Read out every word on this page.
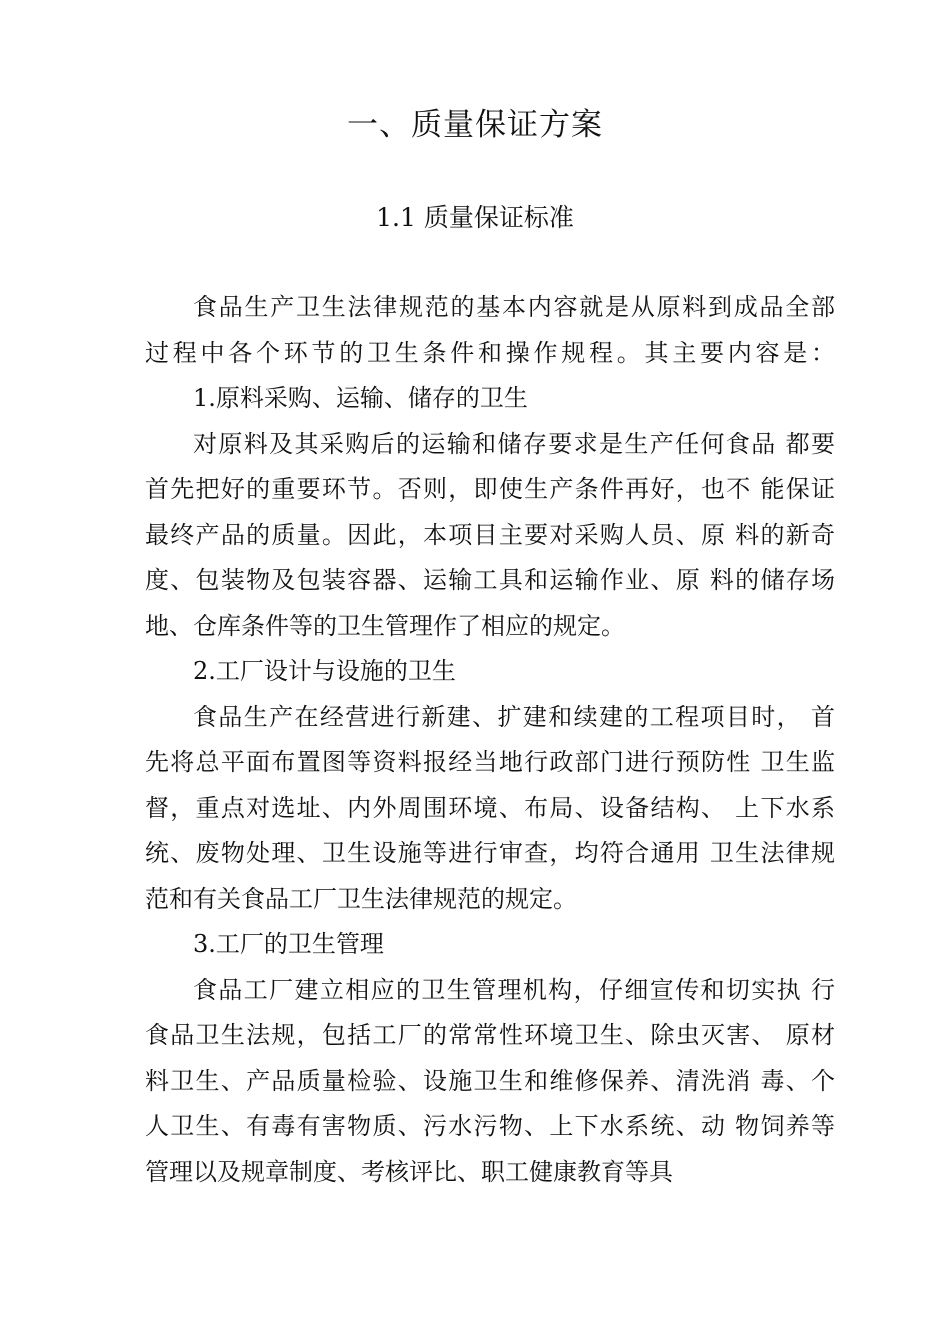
一、质量保证方案
1.1 质量保证标准
食品生产卫生法律规范的基本内容就是从原料到成品全部
过程中各个环节的卫生条件和操作规程。其主要内容是：
1.原料采购、运输、储存的卫生
对原料及其采购后的运输和储存要求是生产任何食品 都要
首先把好的重要环节。否则，即使生产条件再好，也不 能保证
最终产品的质量。因此，本项目主要对采购人员、原 料的新奇
度、包装物及包装容器、运输工具和运输作业、原 料的储存场
地、仓库条件等的卫生管理作了相应的规定。
2.工厂设计与设施的卫生
食品生产在经营进行新建、扩建和续建的工程项目时， 首
先将总平面布置图等资料报经当地行政部门进行预防性 卫生监
督，重点对选址、内外周围环境、布局、设备结构、 上下水系
统、废物处理、卫生设施等进行审查，均符合通用 卫生法律规
范和有关食品工厂卫生法律规范的规定。
3.工厂的卫生管理
食品工厂建立相应的卫生管理机构，仔细宣传和切实执 行
食品卫生法规，包括工厂的常常性环境卫生、除虫灭害、 原材
料卫生、产品质量检验、设施卫生和维修保养、清洗消 毒、个
人卫生、有毒有害物质、污水污物、上下水系统、动 物饲养等
管理以及规章制度、考核评比、职工健康教育等具
